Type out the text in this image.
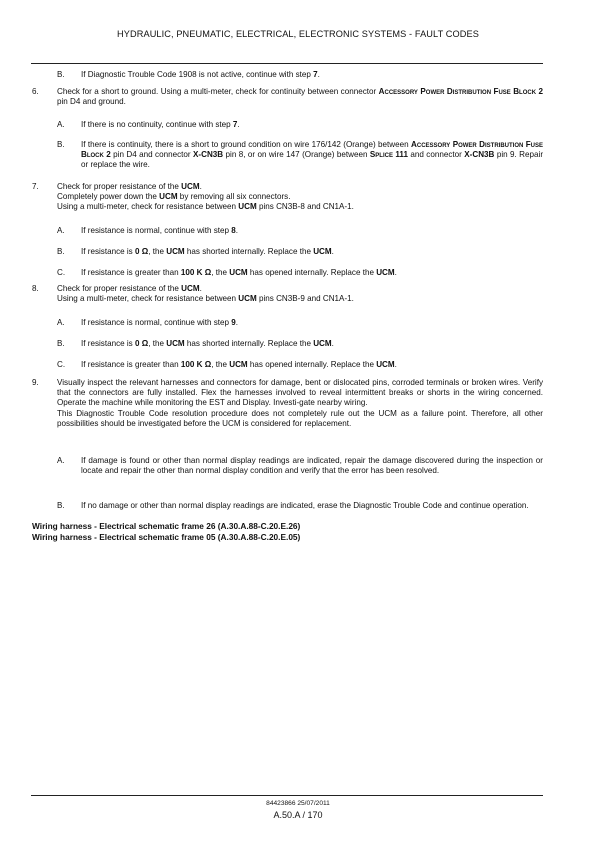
HYDRAULIC, PNEUMATIC, ELECTRICAL, ELECTRONIC SYSTEMS - FAULT CODES
B. If Diagnostic Trouble Code 1908 is not active, continue with step 7.
6. Check for a short to ground. Using a multi-meter, check for continuity between connector Accessory Power Distribution Fuse Block 2 pin D4 and ground.
A. If there is no continuity, continue with step 7.
B. If there is continuity, there is a short to ground condition on wire 176/142 (Orange) between Accessory Power Distribution Fuse Block 2 pin D4 and connector X-CN3B pin 8, or on wire 147 (Orange) between Splice 111 and connector X-CN3B pin 9. Repair or replace the wire.
7. Check for proper resistance of the UCM.
Completely power down the UCM by removing all six connectors.
Using a multi-meter, check for resistance between UCM pins CN3B-8 and CN1A-1.
A. If resistance is normal, continue with step 8.
B. If resistance is 0 Ω, the UCM has shorted internally. Replace the UCM.
C. If resistance is greater than 100 K Ω, the UCM has opened internally. Replace the UCM.
8. Check for proper resistance of the UCM.
Using a multi-meter, check for resistance between UCM pins CN3B-9 and CN1A-1.
A. If resistance is normal, continue with step 9.
B. If resistance is 0 Ω, the UCM has shorted internally. Replace the UCM.
C. If resistance is greater than 100 K Ω, the UCM has opened internally. Replace the UCM.
9. Visually inspect the relevant harnesses and connectors for damage, bent or dislocated pins, corroded terminals or broken wires. Verify that the connectors are fully installed. Flex the harnesses involved to reveal intermittent breaks or shorts in the wiring concerned. Operate the machine while monitoring the EST and Display. Investi-gate nearby wiring.
This Diagnostic Trouble Code resolution procedure does not completely rule out the UCM as a failure point. Therefore, all other possibilities should be investigated before the UCM is considered for replacement.
A. If damage is found or other than normal display readings are indicated, repair the damage discovered during the inspection or locate and repair the other than normal display condition and verify that the error has been resolved.
B. If no damage or other than normal display readings are indicated, erase the Diagnostic Trouble Code and continue operation.
Wiring harness - Electrical schematic frame 26 (A.30.A.88-C.20.E.26)
Wiring harness - Electrical schematic frame 05 (A.30.A.88-C.20.E.05)
84423866 25/07/2011
A.50.A / 170
